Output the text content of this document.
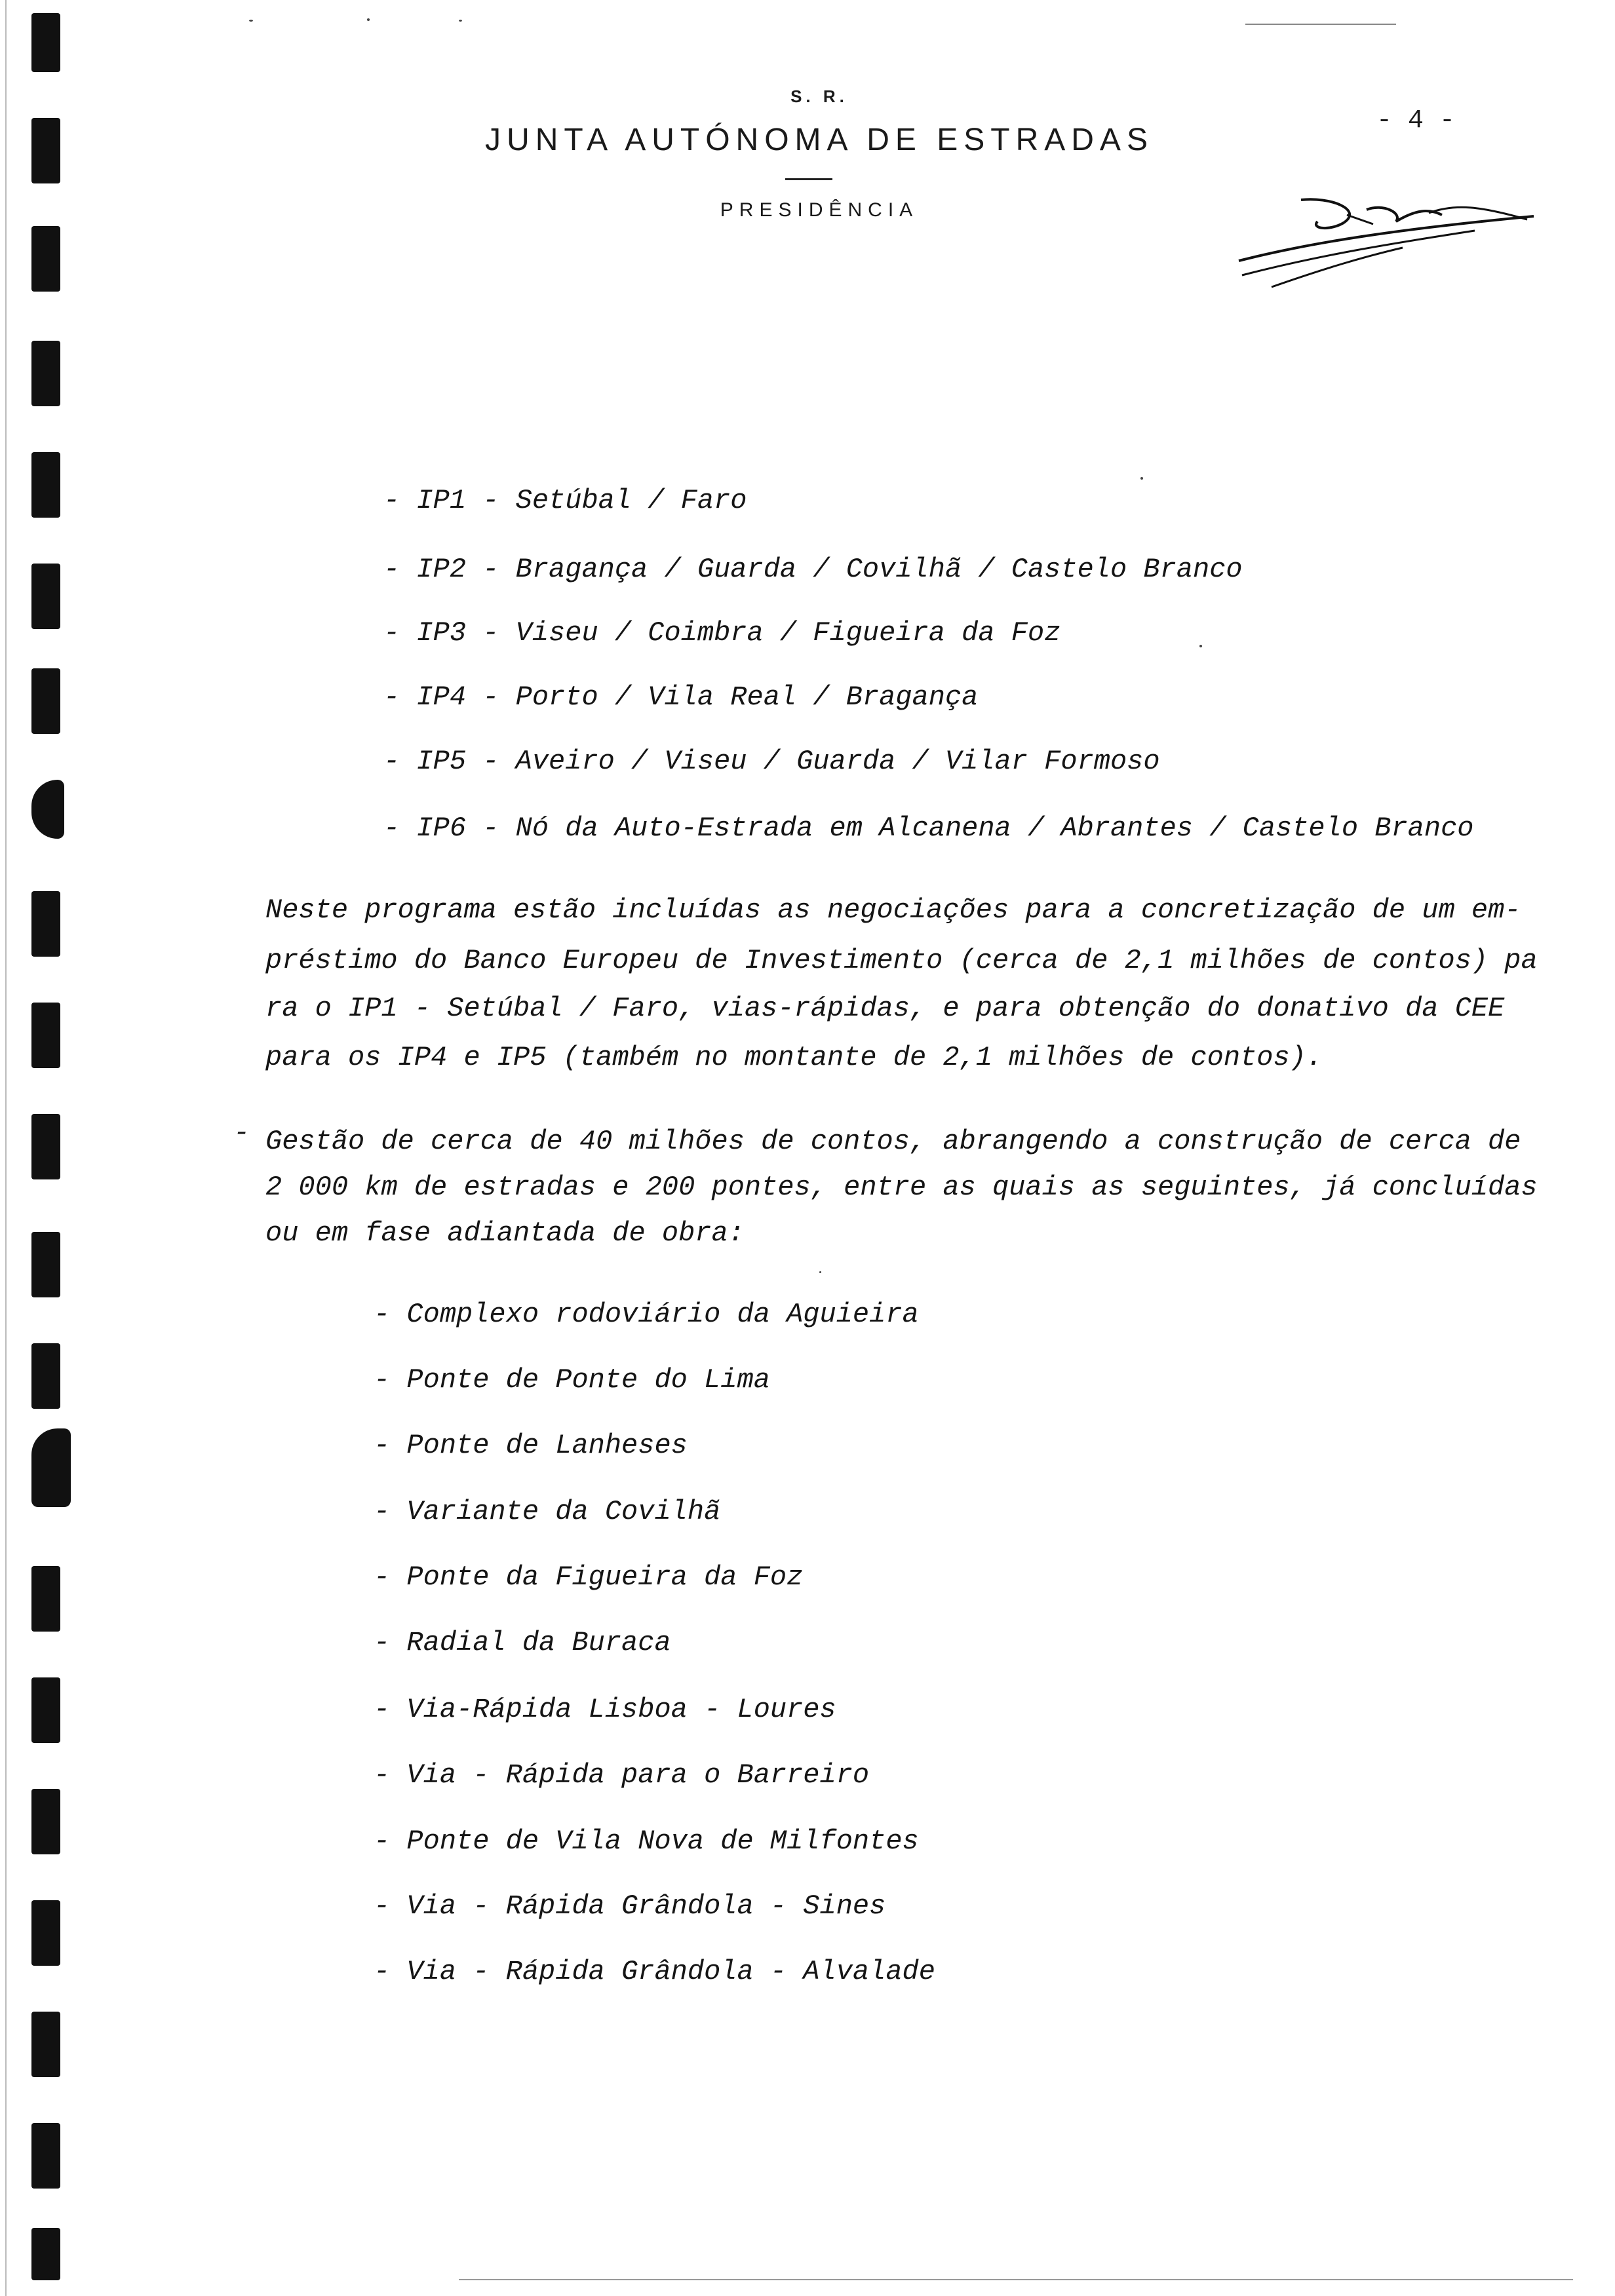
S. R.
JUNTA AUTÓNOMA DE ESTRADAS
PRESIDÊNCIA
- 4 -
- IP1 - Setúbal / Faro
- IP2 - Bragança / Guarda / Covilhã / Castelo Branco
- IP3 - Viseu / Coimbra / Figueira da Foz
- IP4 - Porto / Vila Real / Bragança
- IP5 - Aveiro / Viseu / Guarda / Vilar Formoso
- IP6 - Nó da Auto-Estrada em Alcanena / Abrantes / Castelo Branco
Neste programa estão incluídas as negociações para a concretização de um em-
préstimo do Banco Europeu de Investimento (cerca de 2,1 milhões de contos) pa
ra o IP1 - Setúbal / Faro, vias-rápidas, e para obtenção do donativo da CEE
para os IP4 e IP5 (também no montante de 2,1 milhões de contos).
- Gestão de cerca de 40 milhões de contos, abrangendo a construção de cerca de
2 000 km de estradas e 200 pontes, entre as quais as seguintes, já concluídas
ou em fase adiantada de obra:
- Complexo rodoviário da Aguieira
- Ponte de Ponte do Lima
- Ponte de Lanheses
- Variante da Covilhã
- Ponte da Figueira da Foz
- Radial da Buraca
- Via-Rápida Lisboa - Loures
- Via - Rápida para o Barreiro
- Ponte de Vila Nova de Milfontes
- Via - Rápida Grândola - Sines
- Via - Rápida Grândola - Alvalade
